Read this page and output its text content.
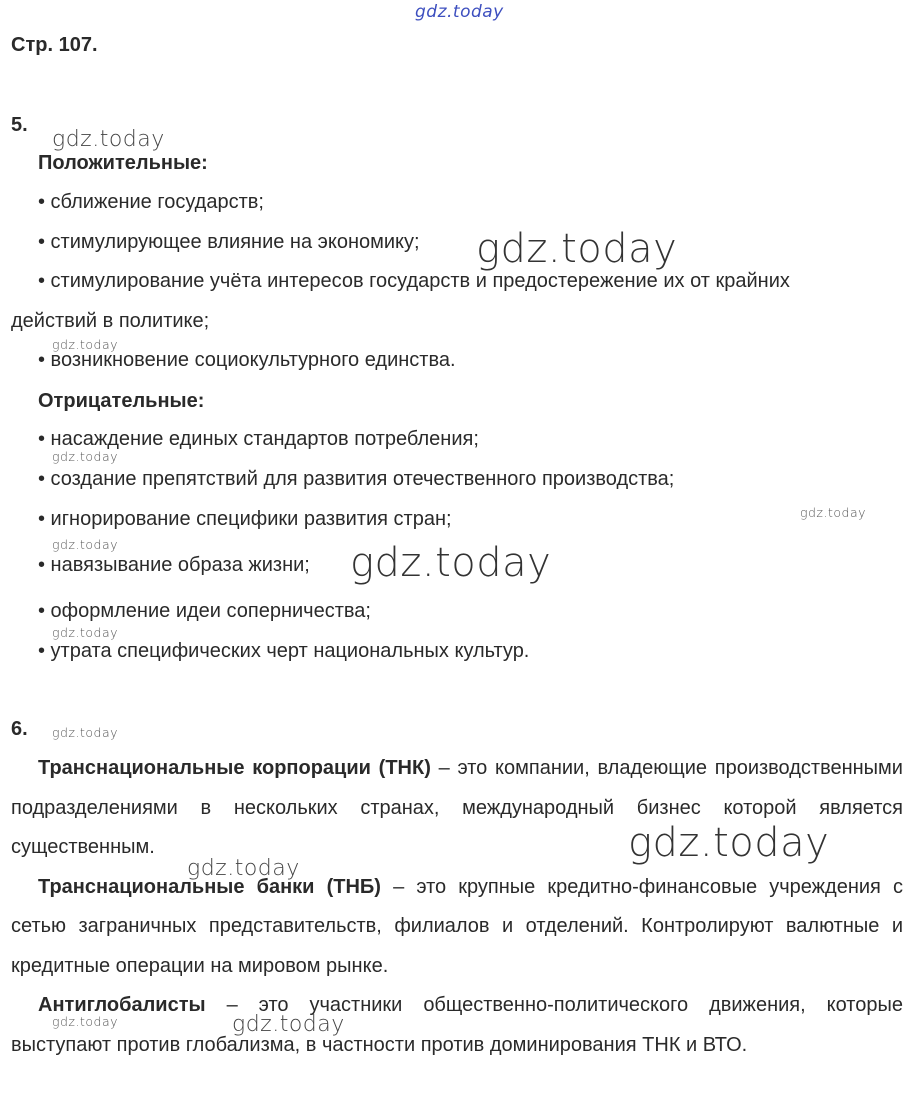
Стр. 107.
5.
Положительные:
• сближение государств;
• стимулирующее влияние на экономику;
• стимулирование учёта интересов государств и предостережение их от крайних
действий в политике;
• возникновение социокультурного единства.
Отрицательные:
• насаждение единых стандартов потребления;
• создание препятствий для развития отечественного производства;
• игнорирование специфики развития стран;
• навязывание образа жизни;
• оформление идеи соперничества;
• утрата специфических черт национальных культур.
6.

Транснациональные корпорации (ТНК) – это компании, владеющие производственными подразделениями в нескольких странах, международный бизнес которой является существенным.

Транснациональные банки (ТНБ) – это крупные кредитно-финансовые учреждения с сетью заграничных представительств, филиалов и отделений. Контролируют валютные и кредитные операции на мировом рынке.

Антиглобалисты – это участники общественно-политического движения, которые выступают против глобализма, в частности против доминирования ТНК и ВТО.

gdz.today
gdz.today
gdz.today
gdz.today
gdz.today
gdz.today
gdz.today	gdz.today
gdz.today
gdz.today
gdz.today
gdz.today
gdz.today	gdz.today
